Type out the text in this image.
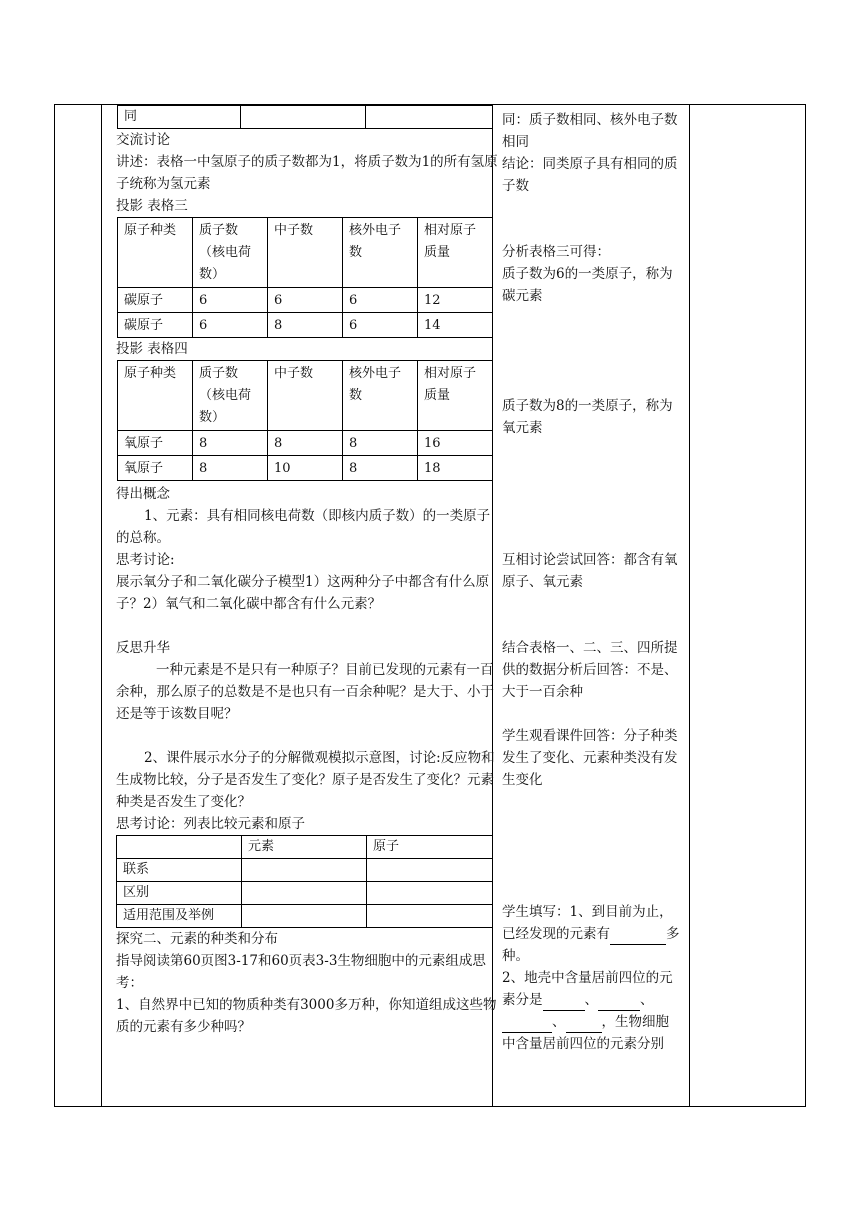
同		

交流讨论

讲述：表格一中氢原子的质子数都为1，将质子数为1的所有氢原子统称为氢元素

投影 表格三

原子种类	质子数（核电荷数）	中子数	核外电子数	相对原子质量
碳原子	6	6	6	12
碳原子	6	8	6	14

投影 表格四

原子种类	质子数（核电荷数）	中子数	核外电子数	相对原子质量
氧原子	8	8	8	16
氧原子	8	10	8	18

得出概念

1、元素：具有相同核电荷数（即核内质子数）的一类原子的总称。

思考讨论:

展示氧分子和二氧化碳分子模型1）这两种分子中都含有什么原子？2）氧气和二氧化碳中都含有什么元素？

反思升华

一种元素是不是只有一种原子？目前已发现的元素有一百余种，那么原子的总数是不是也只有一百余种呢？是大于、小于还是等于该数目呢？

2、课件展示水分子的分解微观模拟示意图，讨论:反应物和生成物比较，分子是否发生了变化？原子是否发生了变化？元素种类是否发生了变化？

思考讨论：列表比较元素和原子

	元素	原子
联系		
区别		
适用范围及举例		

探究二、元素的种类和分布

指导阅读第60页图3-17和60页表3-3生物细胞中的元素组成思考：

1、自然界中已知的物质种类有3000多万种，你知道组成这些物质的元素有多少种吗？

同：质子数相同、核外电子数相同

结论：同类原子具有相同的质子数

分析表格三可得：

质子数为6的一类原子，称为碳元素

质子数为8的一类原子，称为氧元素

互相讨论尝试回答：都含有氧原子、氧元素

结合表格一、二、三、四所提供的数据分析后回答：不是、大于一百余种

学生观看课件回答：分子种类发生了变化、元素种类没有发生变化

学生填写：1、到目前为止，已经发现的元素有	多种。
2、地壳中含量居前四位的元素分是	、	、、	，生物细胞中含量居前四位的元素分别
